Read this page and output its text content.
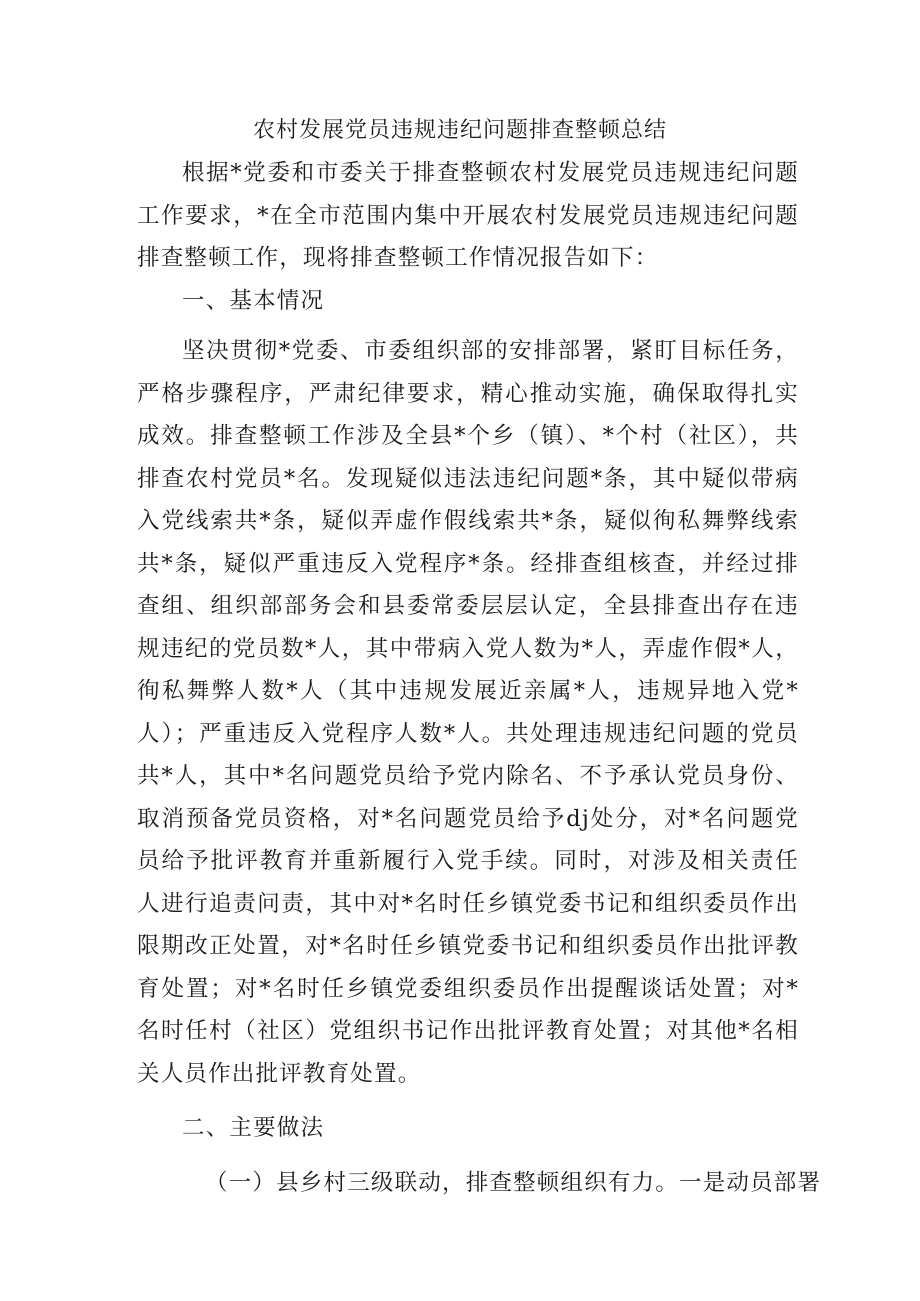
农村发展党员违规违纪问题排查整顿总结

根据*党委和市委关于排查整顿农村发展党员违规违纪问题工作要求，*在全市范围内集中开展农村发展党员违规违纪问题排查整顿工作，现将排查整顿工作情况报告如下：

一、基本情况

坚决贯彻*党委、市委组织部的安排部署，紧盯目标任务，严格步骤程序，严肃纪律要求，精心推动实施，确保取得扎实成效。排查整顿工作涉及全县*个乡（镇）、*个村（社区），共排查农村党员*名。发现疑似违法违纪问题*条，其中疑似带病入党线索共*条，疑似弄虚作假线索共*条，疑似徇私舞弊线索共*条，疑似严重违反入党程序*条。经排查组核查，并经过排查组、组织部部务会和县委常委层层认定，全县排查出存在违规违纪的党员数*人，其中带病入党人数为*人，弄虚作假*人，徇私舞弊人数*人（其中违规发展近亲属*人，违规异地入党*人）；严重违反入党程序人数*人。共处理违规违纪问题的党员共*人，其中*名问题党员给予党内除名、不予承认党员身份、取消预备党员资格，对*名问题党员给予dj处分，对*名问题党员给予批评教育并重新履行入党手续。同时，对涉及相关责任人进行追责问责，其中对*名时任乡镇党委书记和组织委员作出限期改正处置，对*名时任乡镇党委书记和组织委员作出批评教育处置；对*名时任乡镇党委组织委员作出提醒谈话处置；对*名时任村（社区）党组织书记作出批评教育处置；对其他*名相关人员作出批评教育处置。

二、主要做法

（一）县乡村三级联动，排查整顿组织有力。一是动员部署
